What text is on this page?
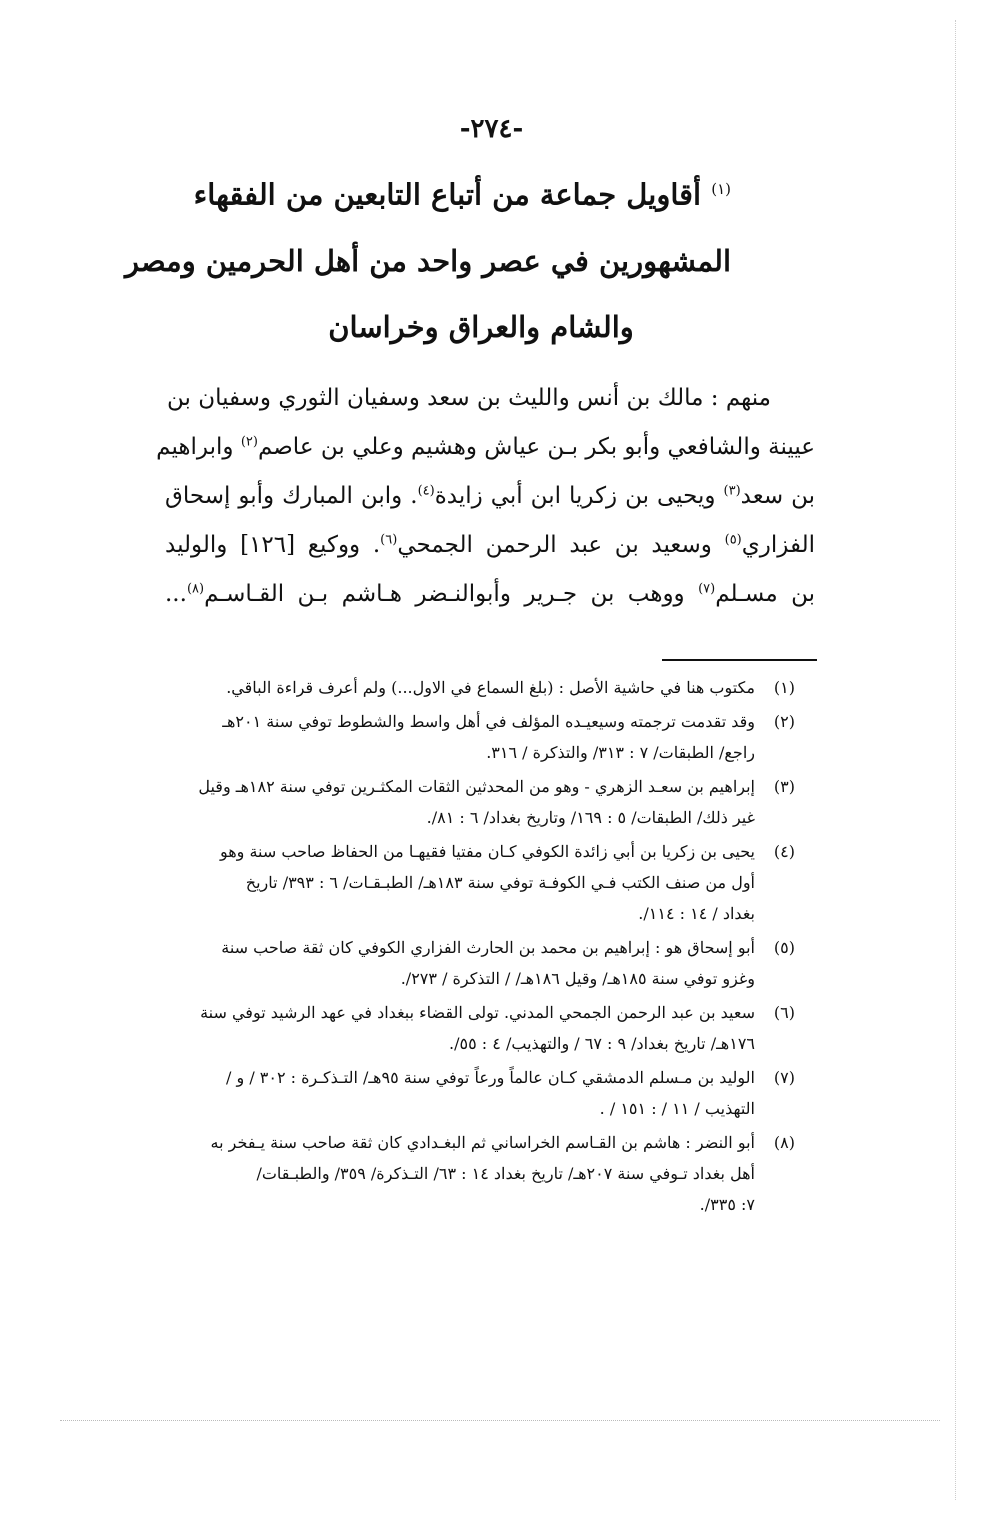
-٢٧٤-
$^{(١)}$ أقاويل جماعة من أتباع التابعين من الفقهاء
المشهورين في عصر واحد من أهل الحرمين ومصر
والشام والعراق وخراسان
منهم : مالك بن أنس والليث بن سعد وسفيان الثوري وسفيان بن
عيينة والشافعي وأبو بكر بـن عياش وهشيم وعلي بن عاصم$^{(٢)}$ وابراهيم
بن سعد$^{(٣)}$ ويحيى بن زكريا ابن أبي زايدة$^{(٤)}$. وابن المبارك وأبو إسحاق
الفزاري$^{(٥)}$ وسعيد بن عبد الرحمن الجمحي$^{(٦)}$. ووكيع [١٢٦] والوليد
بن مسـلم$^{(٧)}$ ووهب بن جـرير وأبوالنـضر هـاشم بـن القـاسـم$^{(٨)}$...
(١)
مكتوب هنا في حاشية الأصل : (بلغ السماع في الاول...) ولم أعرف قراءة الباقي.
(٢)
وقد تقدمت ترجمته وسيعيـده المؤلف في أهل واسط والشطوط توفي سنة ٢٠١هـ
راجع/ الطبقات/ ٧ : ٣١٣/ والتذكرة / ٣١٦.
(٣)
إبراهيم بن سعـد الزهري - وهو من المحدثين الثقات المكثـرين توفي سنة ١٨٢هـ وقيل
غير ذلك/ الطبقات/ ٥ : ١٦٩/ وتاريخ بغداد/ ٦ : ٨١/.
(٤)
يحيى بن زكريا بن أبي زائدة الكوفي كـان مفتيا فقيهـا من الحفاظ صاحب سنة وهو
أول من صنف الكتب فـي الكوفـة توفي سنة ١٨٣هـ/ الطبـقـات/ ٦ : ٣٩٣/ تاريخ
بغداد / ١٤ : ١١٤/.
(٥)
أبو إسحاق هو : إبراهيم بن محمد بن الحارث الفزاري الكوفي كان ثقة صاحب سنة
وغزو توفي سنة ١٨٥هـ/ وقيل ١٨٦هـ/ / التذكرة / ٢٧٣/.
(٦)
سعيد بن عبد الرحمن الجمحي المدني. تولى القضاء ببغداد في عهد الرشيد توفي سنة
١٧٦هـ/ تاريخ بغداد/ ٩ : ٦٧ / والتهذيب/ ٤ : ٥٥/.
(٧)
الوليد بن مـسلم الدمشقي كـان عالماً ورعاً توفي سنة ٩٥هـ/ التـذكـرة : ٣٠٢ / و /
التهذيب / ١١ / : ١٥١ / .
(٨)
أبو النضر : هاشم بن القـاسم الخراساني ثم البغـدادي كان ثقة صاحب سنة يـفخر به
أهل بغداد تـوفي سنة ٢٠٧هـ/ تاريخ بغداد ١٤ : ٦٣/ التـذكرة/ ٣٥٩/ والطبـقات/
٧: ٣٣٥/.
